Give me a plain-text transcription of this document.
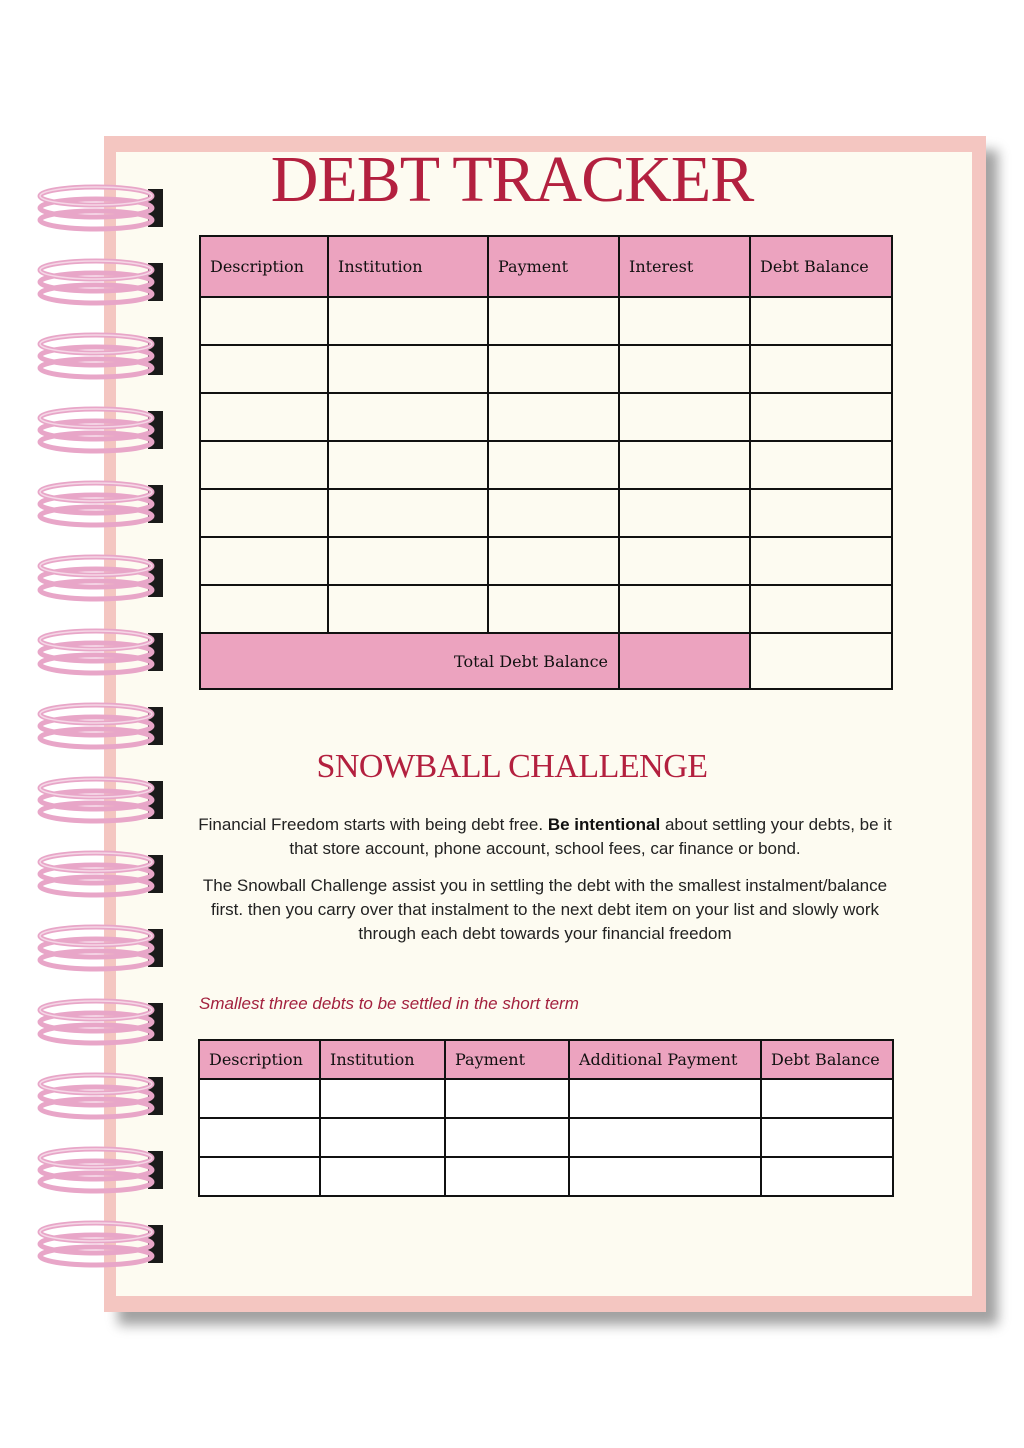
DEBT TRACKER
Description	Institution	Payment	Interest	Debt Balance

Total Debt Balance				
SNOWBALL CHALLENGE

Financial Freedom starts with being debt free. Be intentional about settling your debts, be it that store account, phone account, school fees, car finance or bond.

The Snowball Challenge assist you in settling the debt with the smallest instalment/balance first. then you carry over that instalment to the next debt item on your list and slowly work through each debt towards your financial freedom

Smallest three debts to be settled in the short term

Description	Institution	Payment	Additional Payment	Debt Balance
